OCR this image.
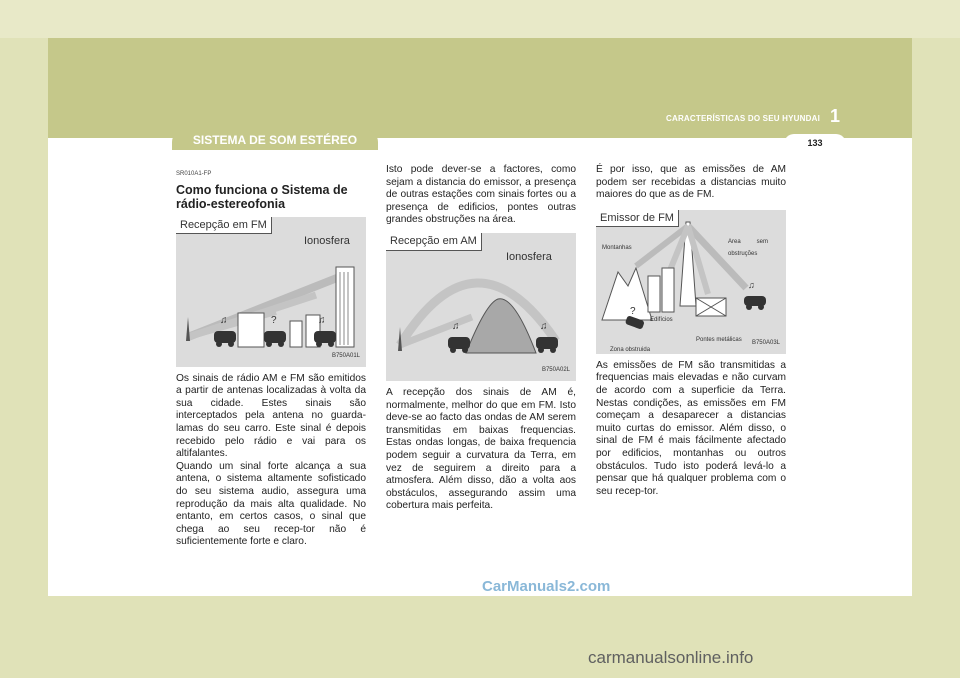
CARACTERÍSTICAS DO SEU HYUNDAI 1
133
SISTEMA DE SOM ESTÉREO
SR010A1-FP
Como funciona o Sistema de rádio-estereofonia
♫	?	♫
Recepção em FM
Ionosfera
B750A01L

Os sinais de rádio AM e FM são emitidos a partir de antenas localizadas à volta da sua cidade. Estes sinais são interceptados pela antena no guarda-lamas do seu carro. Este sinal é depois recebido pelo rádio e vai para os altifalantes.

Quando um sinal forte alcança a sua antena, o sistema altamente sofisticado do seu sistema audio, assegura uma reprodução da mais alta qualidade. No entanto, em certos casos, o sinal que chega ao seu recep-tor não é suficientemente forte e claro.

Isto pode dever-se a factores, como sejam a distancia do emissor, a presença de outras estações com sinais fortes ou a presença de edificios, pontes outras grandes obstruções na área.

♫	♫
Recepção em AM
Ionosfera
B750A02L

A recepção dos sinais de AM é, normalmente, melhor do que em FM. Isto deve-se ao facto das ondas de AM serem transmitidas em baixas frequencias. Estas ondas longas, de baixa frequencia podem seguir a curvatura da Terra, em vez de seguirem a direito para a atmosfera. Além disso, dão a volta aos obstáculos, assegurando assim uma cobertura mais perfeita.

É por isso, que as emissões de AM podem ser recebidas a distancias muito maiores do que as de FM.

♫
?
Emissor de FM
Montanhas
Area sem obstruções
Edifícios
Pontes metálicas
Zona obstruida
B750A03L

As emissões de FM são transmitidas a frequencias mais elevadas e não curvam de acordo com a superficie da Terra. Nestas condições, as emissões em FM começam a desaparecer a distancias muito curtas do emissor. Além disso, o sinal de FM é mais fácilmente afectado por edificios, montanhas ou outros obstáculos. Tudo isto poderá levá-lo a pensar que há qualquer problema com o seu recep-tor.

CarManuals2.com
carmanualsonline.info
